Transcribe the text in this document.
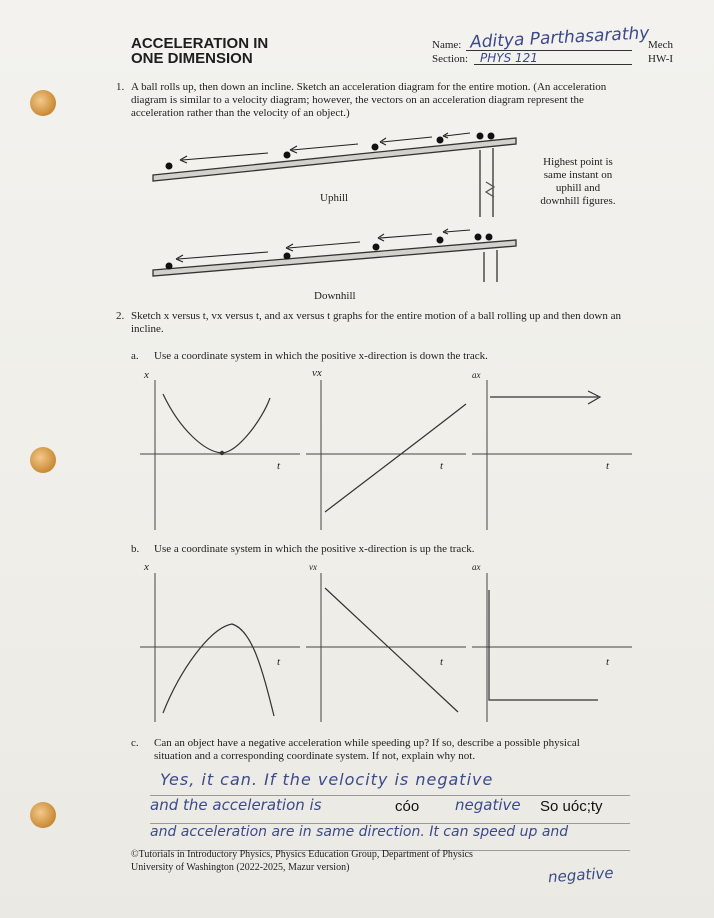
ACCELERATION IN
ONE DIMENSION
Name: Aditya Parthasarathy
Section: PHYS 121
Mech
HW-I
1. A ball rolls up, then down an incline. Sketch an acceleration diagram for the entire motion. (An acceleration diagram is similar to a velocity diagram; however, the vectors on an acceleration diagram represent the acceleration rather than the velocity of an object.)
Uphill
Downhill
Highest point is same instant on uphill and downhill figures.
2. Sketch x versus t, vx versus t, and ax versus t graphs for the entire motion of a ball rolling up and then down an incline.
a. Use a coordinate system in which the positive x-direction is down the track.
b. Use a coordinate system in which the positive x-direction is up the track.
x	vx	ax
t	t	t
x	vx	ax
t	t	t
c. Can an object have a negative acceleration while speeding up? If so, describe a possible physical situation and a corresponding coordinate system. If not, explain why not.
Yes, it can. If the velocity is negative
and the acceleration is	cóo negative So uóc;ty
and acceleration are in same direction. It can speed up and
negative
©Tutorials in Introductory Physics, Physics Education Group, Department of Physics
University of Washington (2022-2025, Mazur version)
